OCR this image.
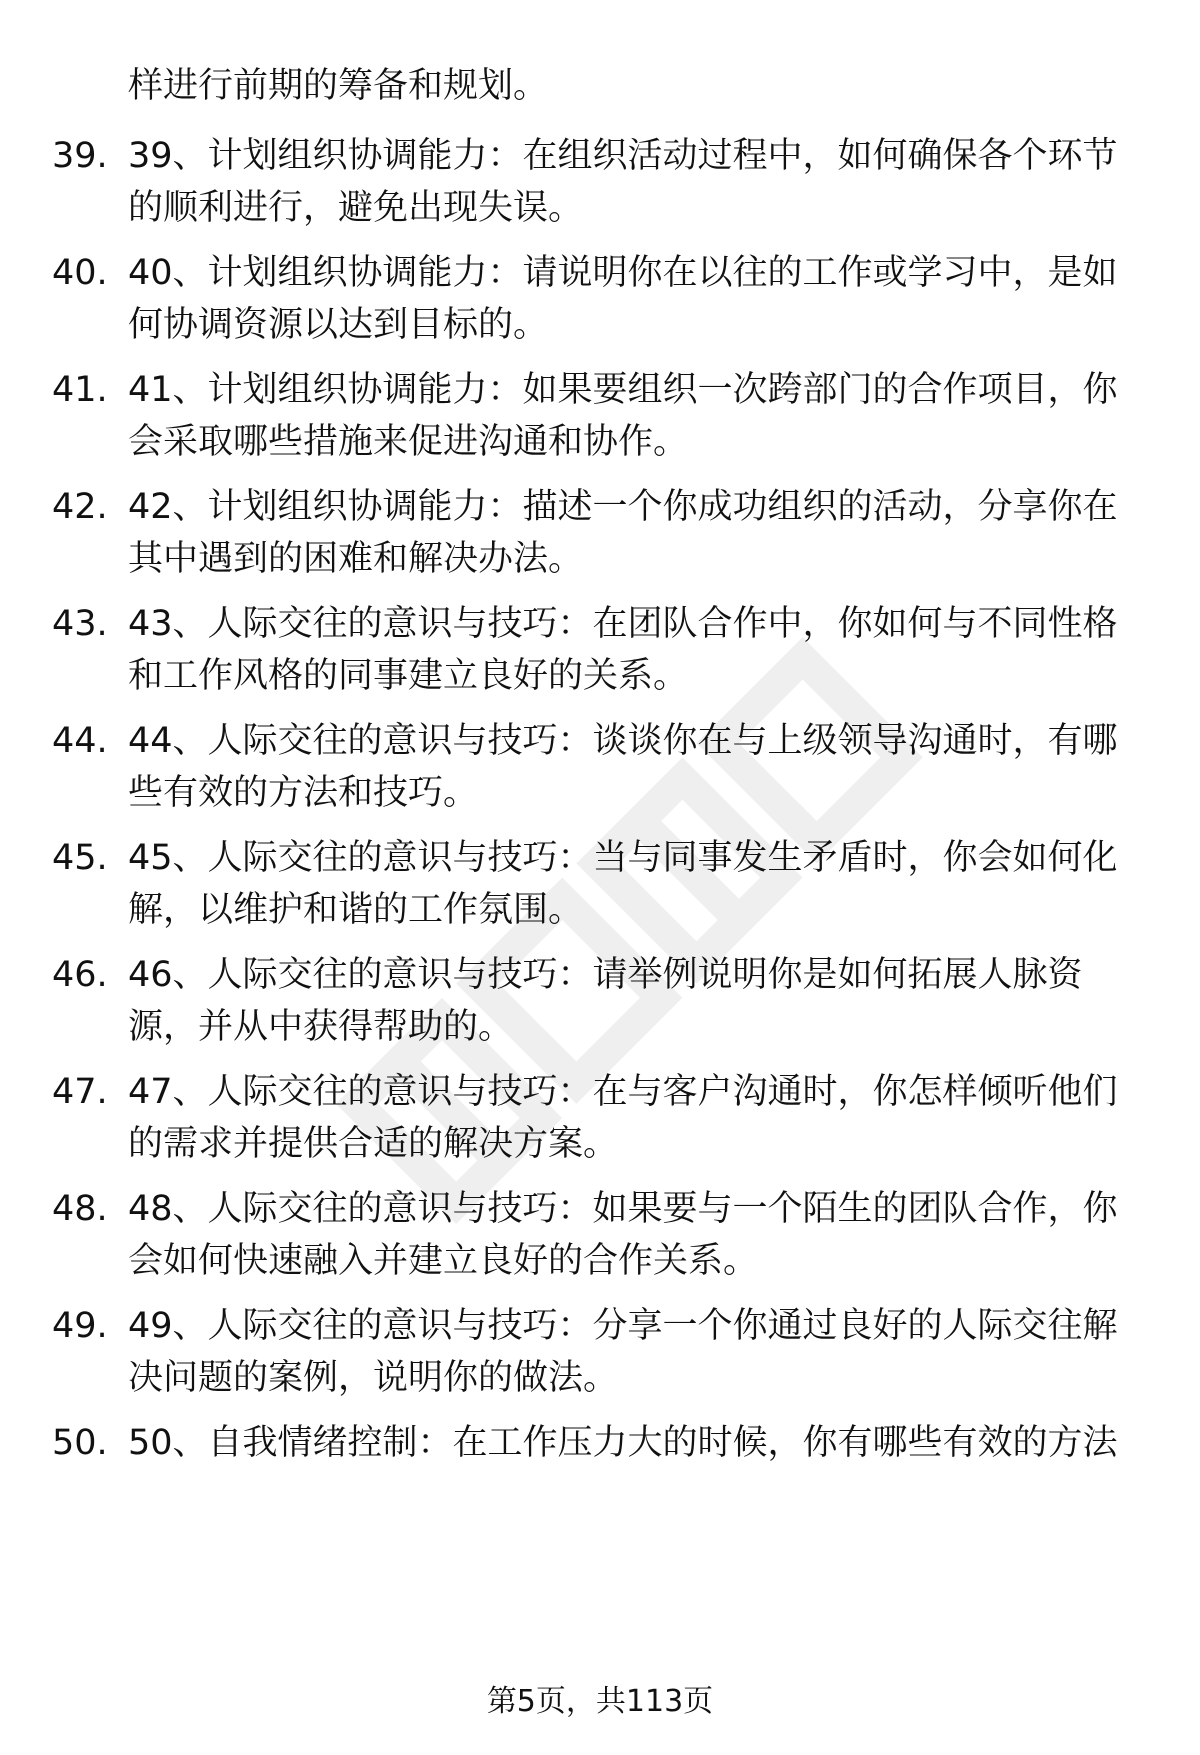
样进行前期的筹备和规划。
39. 39、计划组织协调能力：在组织活动过程中，如何确保各个环节
的顺利进行，避免出现失误。
40. 40、计划组织协调能力：请说明你在以往的工作或学习中，是如
何协调资源以达到目标的。
41. 41、计划组织协调能力：如果要组织一次跨部门的合作项目，你
会采取哪些措施来促进沟通和协作。
42. 42、计划组织协调能力：描述一个你成功组织的活动，分享你在
其中遇到的困难和解决办法。
43. 43、人际交往的意识与技巧：在团队合作中，你如何与不同性格
和工作风格的同事建立良好的关系。
44. 44、人际交往的意识与技巧：谈谈你在与上级领导沟通时，有哪
些有效的方法和技巧。
45. 45、人际交往的意识与技巧：当与同事发生矛盾时，你会如何化
解，以维护和谐的工作氛围。
46. 46、人际交往的意识与技巧：请举例说明你是如何拓展人脉资
源，并从中获得帮助的。
47. 47、人际交往的意识与技巧：在与客户沟通时，你怎样倾听他们
的需求并提供合适的解决方案。
48. 48、人际交往的意识与技巧：如果要与一个陌生的团队合作，你
会如何快速融入并建立良好的合作关系。
49. 49、人际交往的意识与技巧：分享一个你通过良好的人际交往解
决问题的案例，说明你的做法。
50. 50、自我情绪控制：在工作压力大的时候，你有哪些有效的方法
第5页，共113页
